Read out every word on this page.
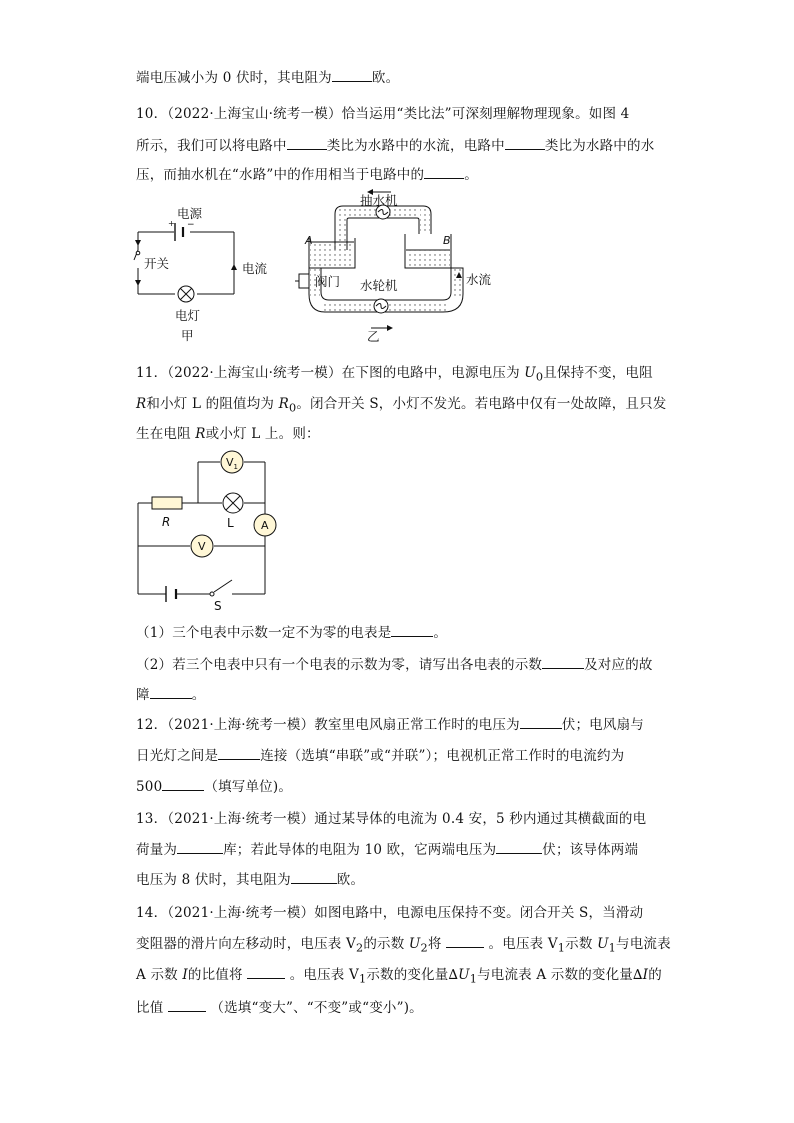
端电压减小为 0 伏时，其电阻为	欧。
10．（2022·上海宝山·统考一模）恰当运用“类比法”可深刻理解物理现象。如图 4
所示，我们可以将电路中	类比为水路中的水流，电路中	类比为水路中的水
压，而抽水机在“水路”中的作用相当于电路中的	。
+ −
电源
开关	电流
电灯
甲
抽水机
A	B
阀门 水轮机	水流
乙
11．（2022·上海宝山·统考一模）在下图的电路中，电源电压为 $U_0$且保持不变，电阻
R和小灯 L 的阻值均为 $R_0$。闭合开关 S，小灯不发光。若电路中仅有一处故障，且只发
生在电阻 R或小灯 L 上。则：
$V_1$
R	L A
V
S
（1）三个电表中示数一定不为零的电表是	。
（2）若三个电表中只有一个电表的示数为零，请写出各电表的示数	及对应的故
障	。
12．（2021·上海·统考一模）教室里电风扇正常工作时的电压为	伏；电风扇与
日光灯之间是	连接（选填“串联”或“并联”）；电视机正常工作时的电流约为
500	（填写单位)。
13．（2021·上海·统考一模）通过某导体的电流为 0.4 安，5 秒内通过其横截面的电
荷量为	库；若此导体的电阻为 10 欧，它两端电压为	伏；该导体两端
电压为 8 伏时，其电阻为	欧。
14．（2021·上海·统考一模）如图电路中，电源电压保持不变。闭合开关 S，当滑动
变阻器的滑片向左移动时，电压表 $V_2$的示数 $U_2$将	。电压表 $V_1$示数 $U_1$与电流表
A 示数 I的比值将	。电压表 $V_1$示数的变化量$\Delta U_1$与电流表 A 示数的变化量∆I的
比值	（选填“变大”、“不变”或“变小”)。
